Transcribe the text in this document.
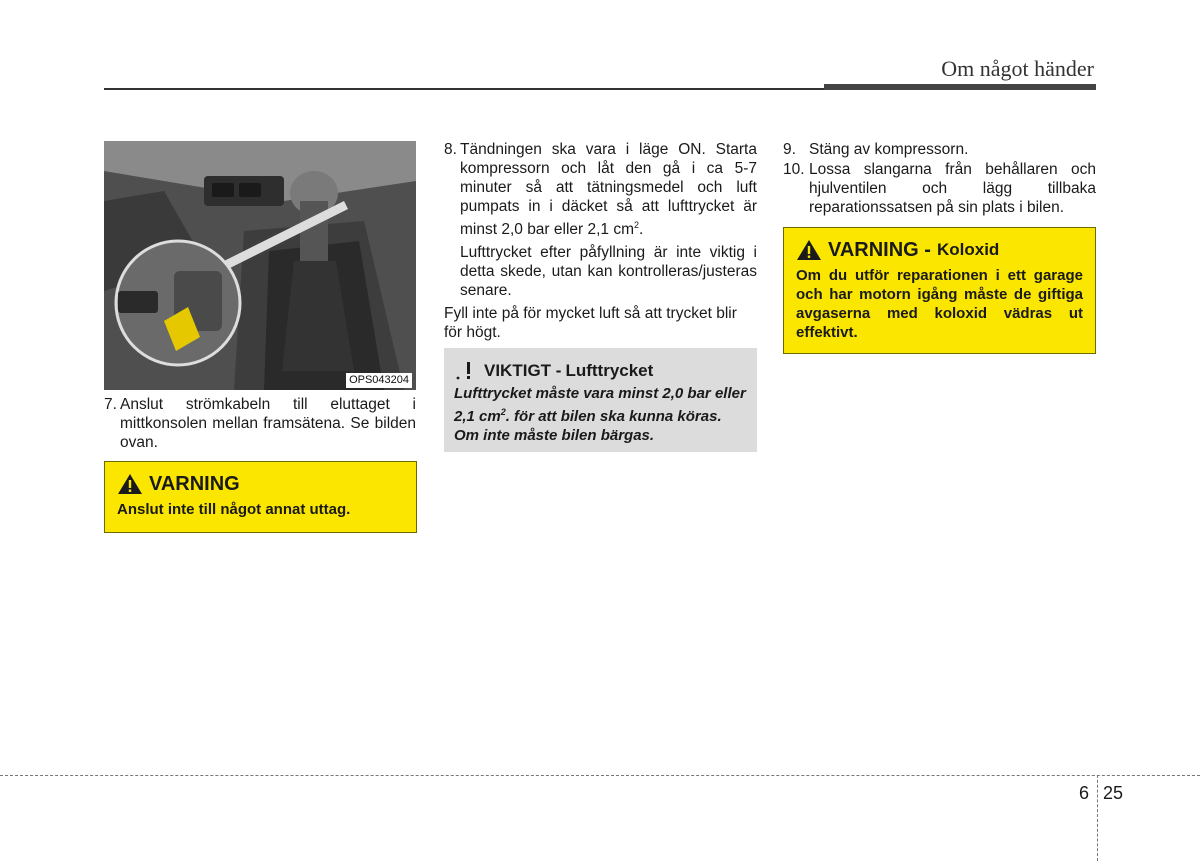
Om något händer
OPS043204
7. Anslut strömkabeln till eluttaget i mittkonsolen mellan framsätena. Se bilden ovan.
VARNING
Anslut inte till något annat uttag.
8. Tändningen ska vara i läge ON. Starta kompressorn och låt den gå i ca 5-7 minuter så att tätningsmedel och luft pumpats in i däcket så att lufttrycket är minst 2,0 bar eller 2,1 $cm^2$.

Lufttrycket efter påfyllning är inte viktig i detta skede, utan kan kontrolleras/justeras senare.

Fyll inte på för mycket luft så att trycket blir för högt.

VIKTIGT - Lufttrycket
Lufttrycket måste vara minst 2,0 bar eller 2,1 $cm^2$. för att bilen ska kunna köras. Om inte måste bilen bärgas.
9. Stäng av kompressorn.
10. Lossa slangarna från behållaren och hjulventilen och lägg tillbaka reparationssatsen på sin plats i bilen.
VARNING - Koloxid
Om du utför reparationen i ett garage och har motorn igång måste de giftiga avgaserna med koloxid vädras ut effektivt.
6 25
